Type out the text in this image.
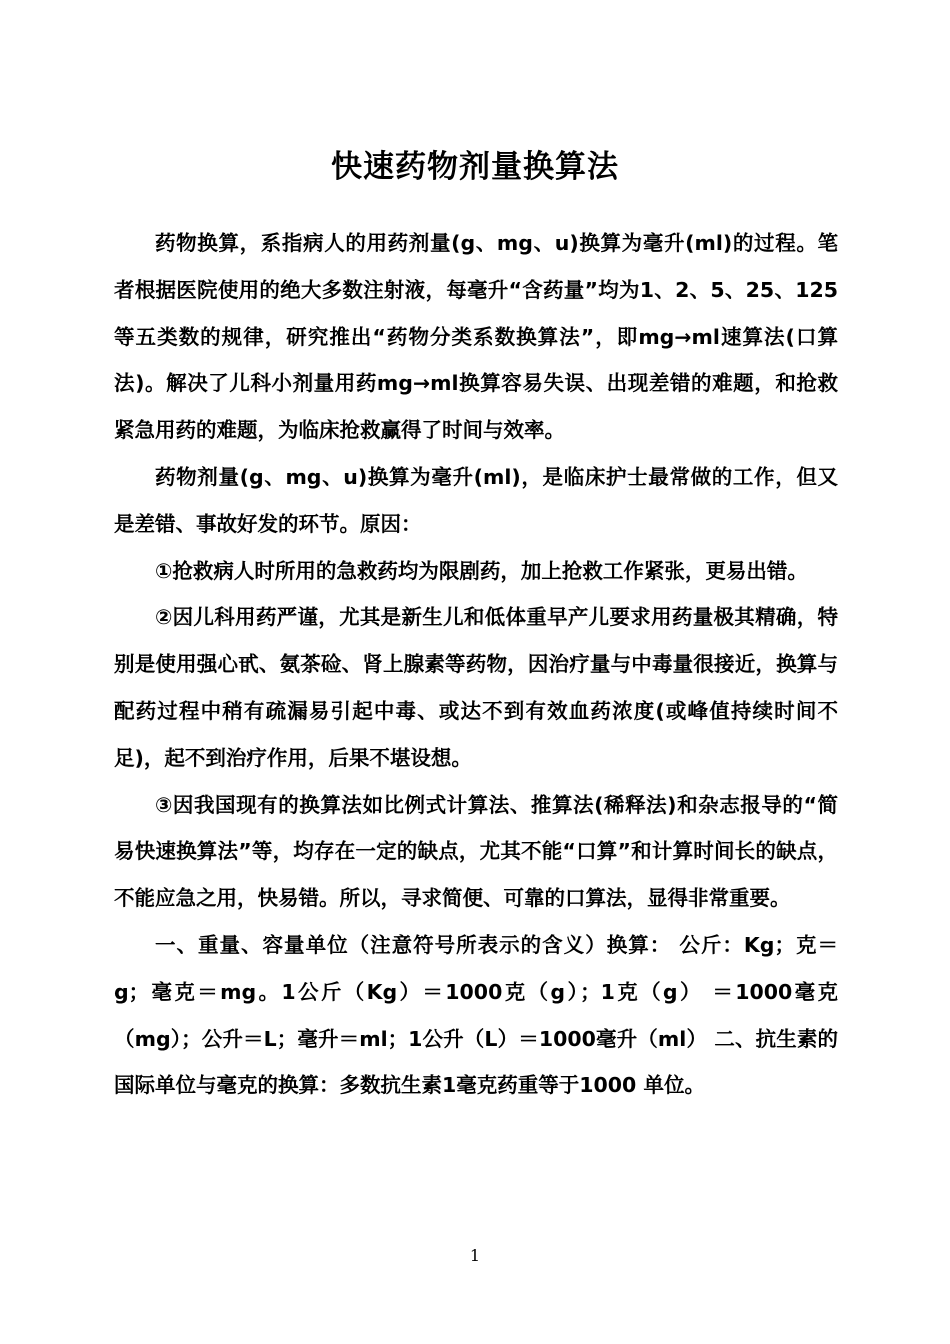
快速药物剂量换算法

药物换算，系指病人的用药剂量(g、mg、u)换算为毫升(ml)的过程。笔者根据医院使用的绝大多数注射液，每毫升“含药量”均为1、2、5、25、125等五类数的规律，研究推出“药物分类系数换算法”，即mg→ml速算法(口算法)。解决了儿科小剂量用药mg→ml换算容易失误、出现差错的难题，和抢救紧急用药的难题，为临床抢救赢得了时间与效率。

药物剂量(g、mg、u)换算为毫升(ml)，是临床护士最常做的工作，但又是差错、事故好发的环节。原因：

①抢救病人时所用的急救药均为限剧药，加上抢救工作紧张，更易出错。

②因儿科用药严谨，尤其是新生儿和低体重早产儿要求用药量极其精确，特别是使用强心甙、氨茶硷、肾上腺素等药物，因治疗量与中毒量很接近，换算与配药过程中稍有疏漏易引起中毒、或达不到有效血药浓度(或峰值持续时间不足)，起不到治疗作用，后果不堪设想。

③因我国现有的换算法如比例式计算法、推算法(稀释法)和杂志报导的“简易快速换算法”等，均存在一定的缺点，尤其不能“口算”和计算时间长的缺点，不能应急之用，快易错。所以，寻求简便、可靠的口算法，显得非常重要。

一、重量、容量单位（注意符号所表示的含义）换算： 公斤：Kg；克＝g；毫克＝mg。1公斤（Kg）＝1000克（g）；1克（g） ＝1000毫克（mg）；公升＝L；毫升＝ml；1公升（L）＝1000毫升（ml） 二、抗生素的国际单位与毫克的换算：多数抗生素1毫克药重等于1000 单位。

1
